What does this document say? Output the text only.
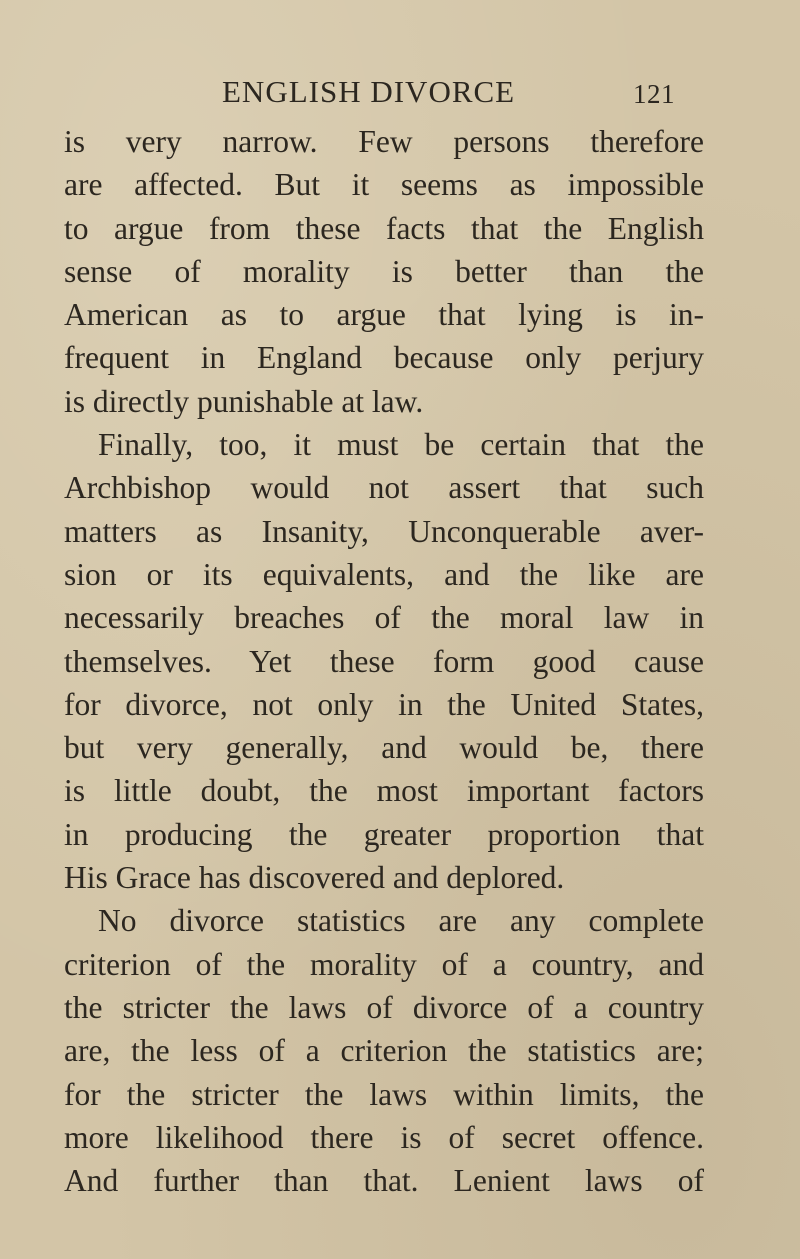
ENGLISH DIVORCE	121
is very narrow. Few persons therefore
are affected. But it seems as impossible
to argue from these facts that the English
sense of morality is better than the
American as to argue that lying is in-
frequent in England because only perjury
is directly punishable at law.
Finally, too, it must be certain that the
Archbishop would not assert that such
matters as Insanity, Unconquerable aver-
sion or its equivalents, and the like are
necessarily breaches of the moral law in
themselves. Yet these form good cause
for divorce, not only in the United States,
but very generally, and would be, there
is little doubt, the most important factors
in producing the greater proportion that
His Grace has discovered and deplored.
No divorce statistics are any complete
criterion of the morality of a country, and
the stricter the laws of divorce of a country
are, the less of a criterion the statistics are;
for the stricter the laws within limits, the
more likelihood there is of secret offence.
And further than that. Lenient laws of
